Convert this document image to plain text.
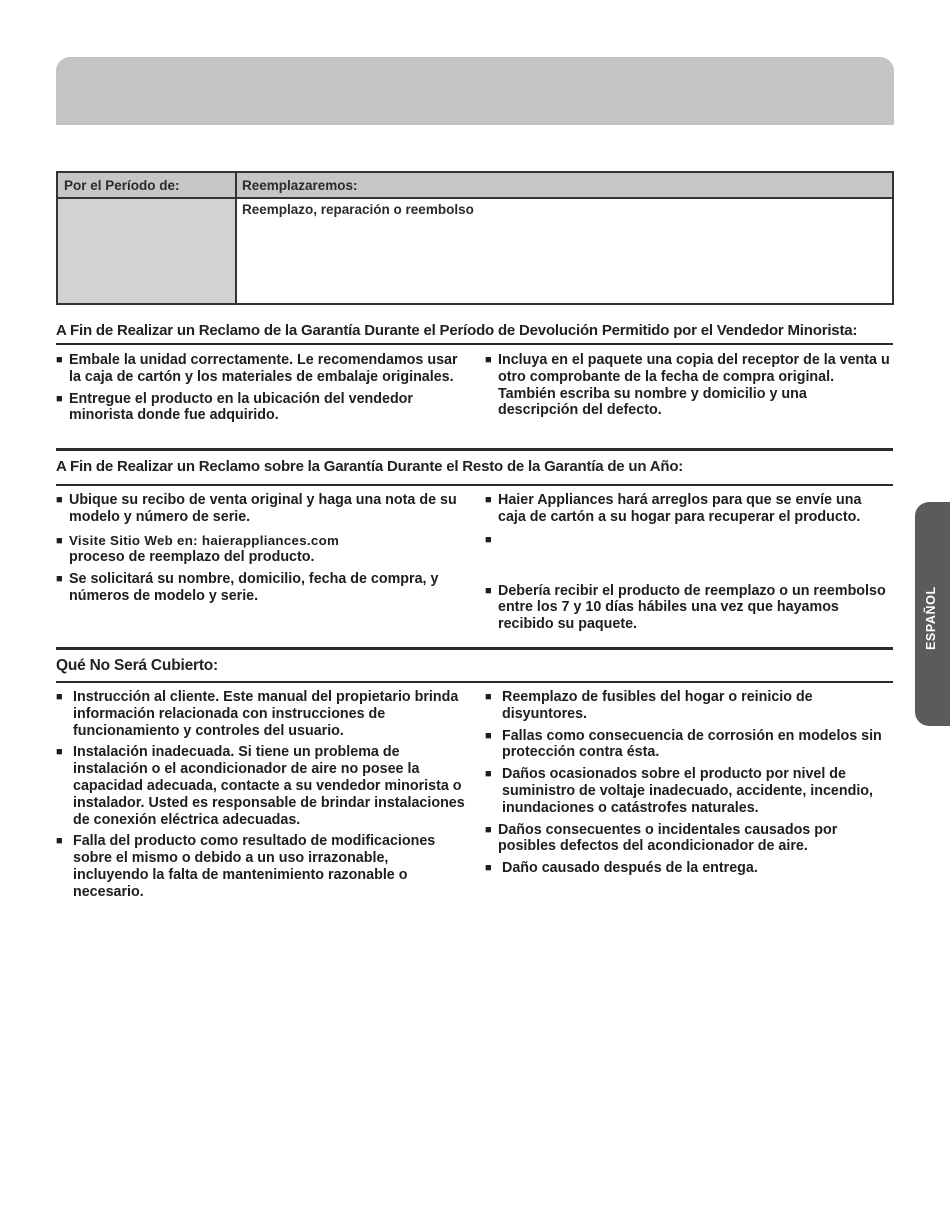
Por el Período de:	Reemplazaremos:
Reemplazo, reparación o reembolso
A Fin de Realizar un Reclamo de la Garantía Durante el Período de Devolución Permitido por el Vendedor Minorista:

■ Embale la unidad correctamente. Le recomendamos usar la caja de cartón y los materiales de embalaje originales.

■ Entregue el producto en la ubicación del vendedor minorista donde fue adquirido.

■ Incluya en el paquete una copia del receptor de la venta u otro comprobante de la fecha de compra original. También escriba su nombre y domicilio y una descripción del defecto.

A Fin de Realizar un Reclamo sobre la Garantía Durante el Resto de la Garantía de un Año:

■ Ubique su recibo de venta original y haga una nota de su modelo y número de serie.

■ Visite Sitio Web en: haierappliances.com
proceso de reemplazo del producto.

■ Se solicitará su nombre, domicilio, fecha de compra, y números de modelo y serie.

■ Haier Appliances hará arreglos para que se envíe una caja de cartón a su hogar para recuperar el producto.

■

■ Debería recibir el producto de reemplazo o un reembolso entre los 7 y 10 días hábiles una vez que hayamos recibido su paquete.

Qué No Será Cubierto:

■ Instrucción al cliente. Este manual del propietario brinda información relacionada con instrucciones de funcionamiento y controles del usuario.

■ Instalación inadecuada. Si tiene un problema de instalación o el acondicionador de aire no posee la capacidad adecuada, contacte a su vendedor minorista o instalador. Usted es responsable de brindar instalaciones de conexión eléctrica adecuadas.

■ Falla del producto como resultado de modificaciones sobre el mismo o debido a un uso irrazonable, incluyendo la falta de mantenimiento razonable o necesario.

■ Reemplazo de fusibles del hogar o reinicio de disyuntores.

■ Fallas como consecuencia de corrosión en modelos sin protección contra ésta.

■ Daños ocasionados sobre el producto por nivel de suministro de voltaje inadecuado, accidente, incendio, inundaciones o catástrofes naturales.

■ Daños consecuentes o incidentales causados por posibles defectos del acondicionador de aire.

■ Daño causado después de la entrega.

ESPAÑOL
